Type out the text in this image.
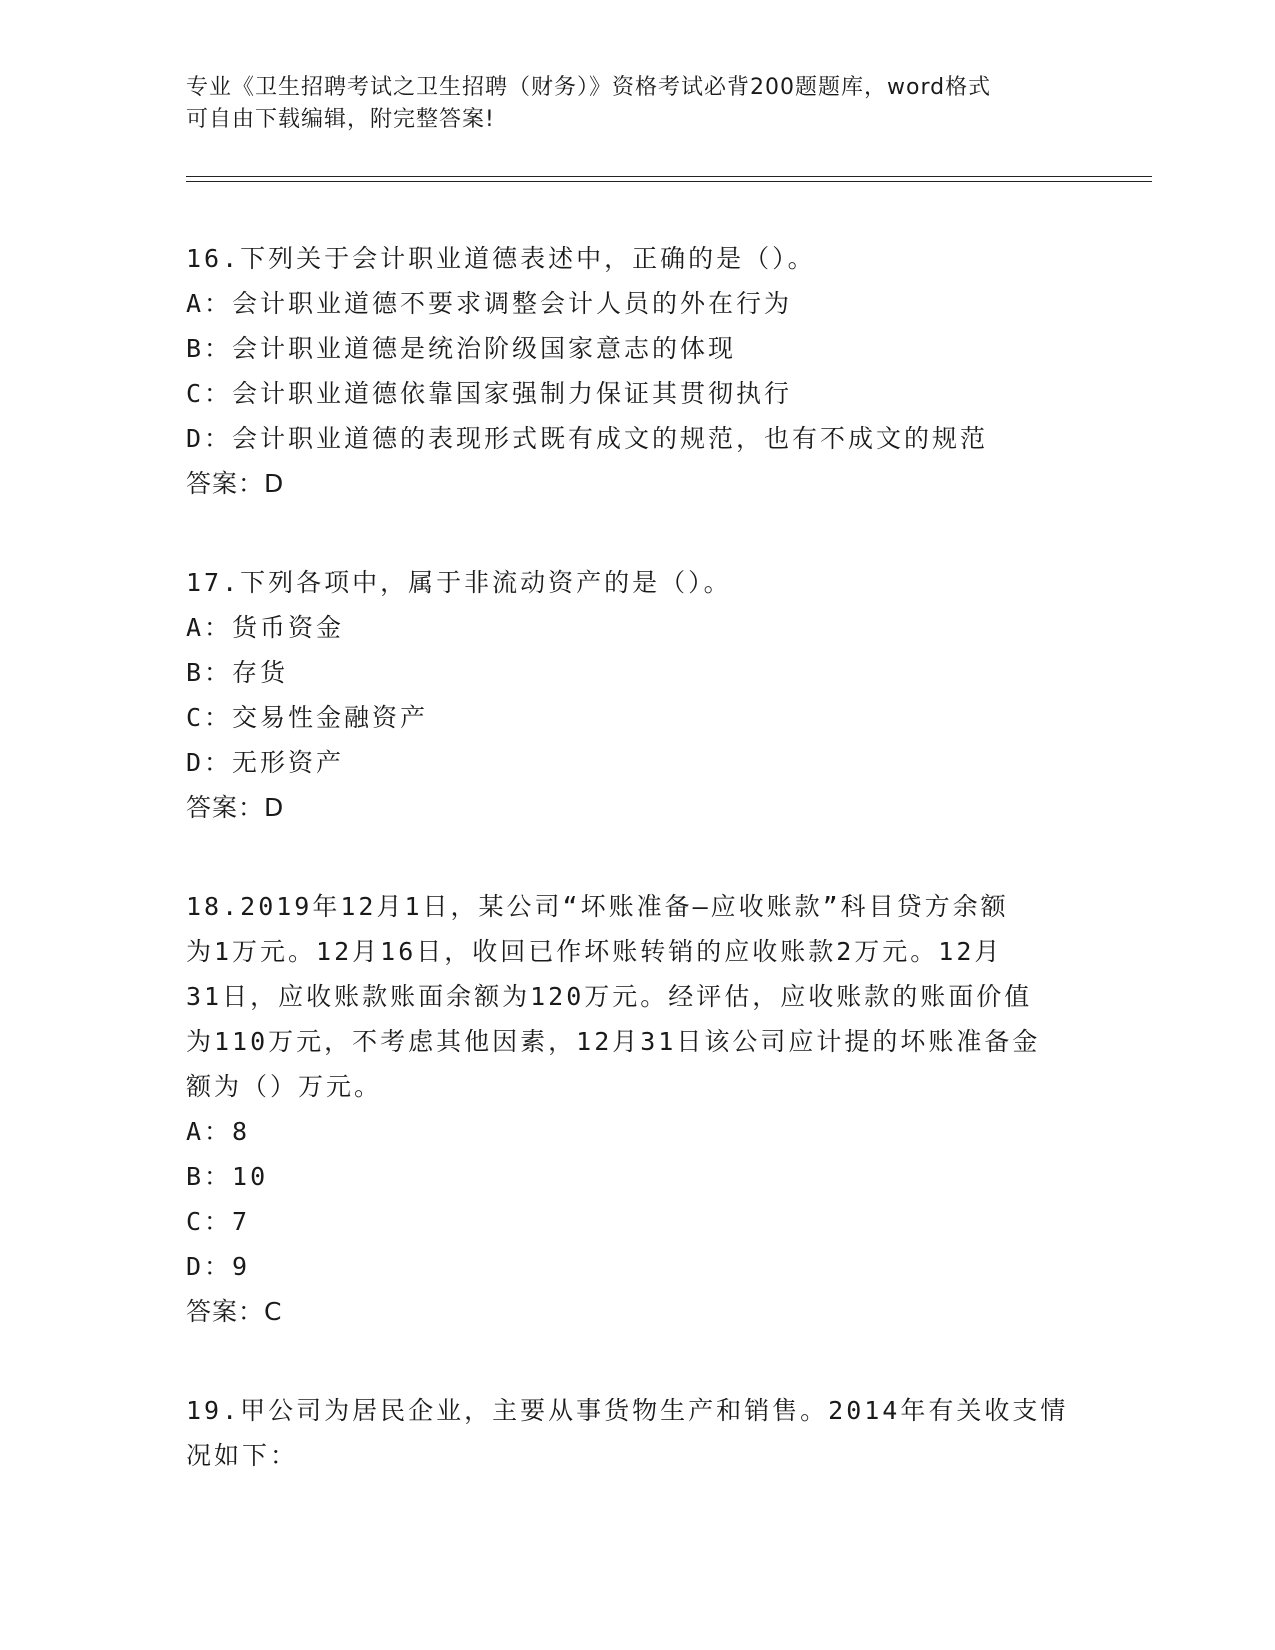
专业《卫生招聘考试之卫生招聘（财务）》资格考试必背200题题库，word格式
可自由下载编辑，附完整答案!
16.下列关于会计职业道德表述中，正确的是（）。
A：会计职业道德不要求调整会计人员的外在行为
B：会计职业道德是统治阶级国家意志的体现
C：会计职业道德依靠国家强制力保证其贯彻执行
D：会计职业道德的表现形式既有成文的规范，也有不成文的规范
答案：D
17.下列各项中，属于非流动资产的是（）。
A：货币资金
B：存货
C：交易性金融资产
D：无形资产
答案：D
18.2019年12月1日，某公司“坏账准备—应收账款”科目贷方余额
为1万元。12月16日，收回已作坏账转销的应收账款2万元。12月
31日，应收账款账面余额为120万元。经评估，应收账款的账面价值
为110万元，不考虑其他因素，12月31日该公司应计提的坏账准备金
额为（）万元。
A：8
B：10
C：7
D：9
答案：C
19.甲公司为居民企业，主要从事货物生产和销售。2014年有关收支情
况如下：
